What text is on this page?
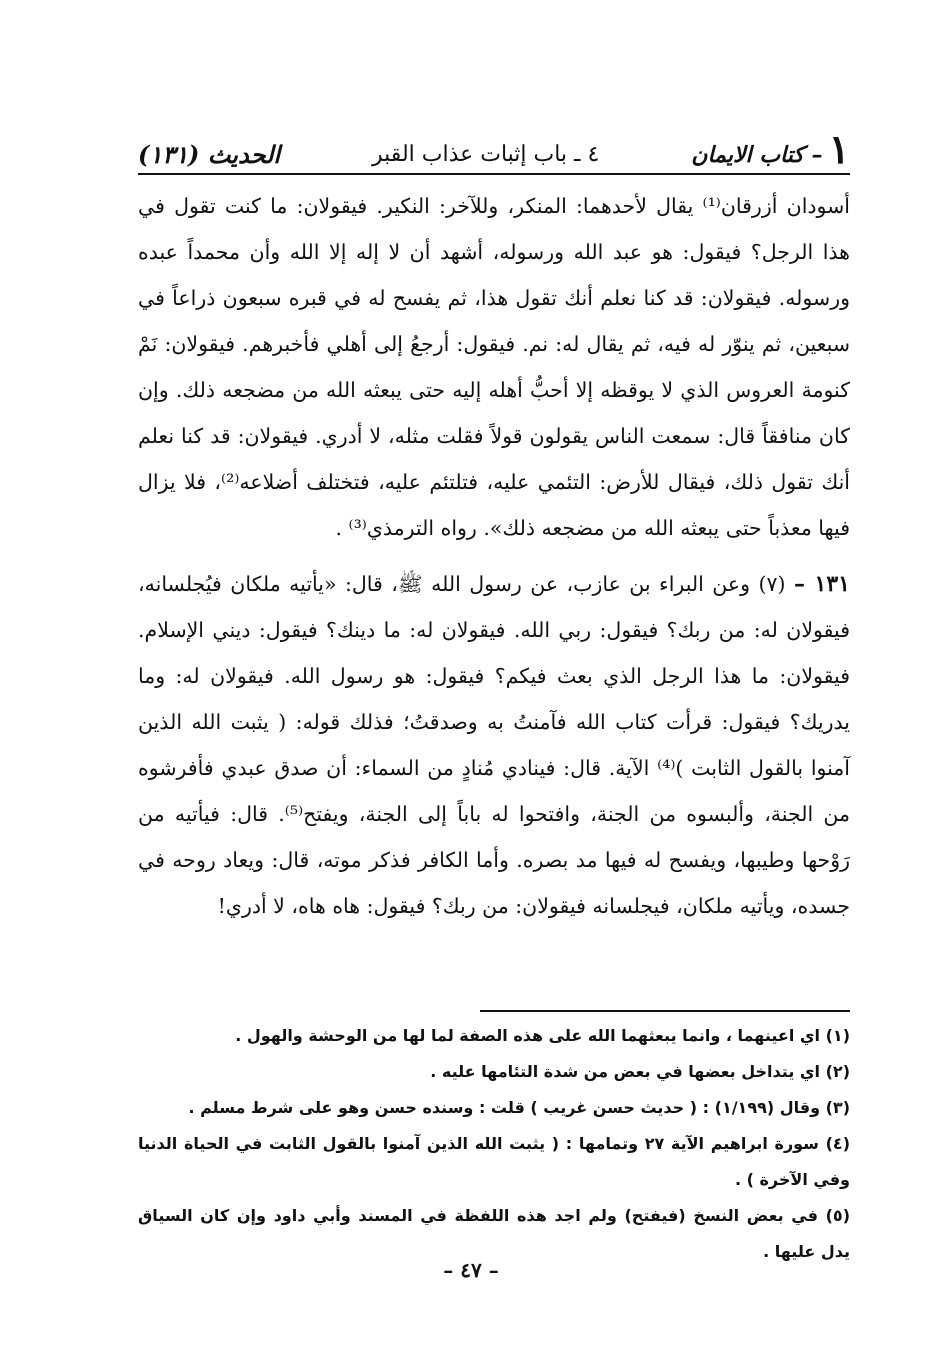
١
– كتاب الايمان
٤ ـ باب إثبات عذاب القبر
الحديث (١٣١)

أسودان أزرقان⁽¹⁾ يقال لأحدهما: المنكر، وللآخر: النكير. فيقولان: ما كنت تقول في هذا الرجل؟ فيقول: هو عبد الله ورسوله، أشهد أن لا إله إلا الله وأن محمداً عبده ورسوله. فيقولان: قد كنا نعلم أنك تقول هذا، ثم يفسح له في قبره سبعون ذراعاً في سبعين، ثم ينوّر له فيه، ثم يقال له: نم. فيقول: أرجعُ إلى أهلي فأخبرهم. فيقولان: نَمْ كنومة العروس الذي لا يوقظه إلا أحبُّ أهله إليه حتى يبعثه الله من مضجعه ذلك. وإن كان منافقاً قال: سمعت الناس يقولون قولاً فقلت مثله، لا أدري. فيقولان: قد كنا نعلم أنك تقول ذلك، فيقال للأرض: التئمي عليه، فتلتئم عليه، فتختلف أضلاعه⁽²⁾، فلا يزال فيها معذباً حتى يبعثه الله من مضجعه ذلك». رواه الترمذي⁽³⁾ .

١٣١ – (٧) وعن البراء بن عازب، عن رسول الله ﷺ، قال: «يأتيه ملكان فيُجلسانه، فيقولان له: من ربك؟ فيقول: ربي الله. فيقولان له: ما دينك؟ فيقول: ديني الإسلام. فيقولان: ما هذا الرجل الذي بعث فيكم؟ فيقول: هو رسول الله. فيقولان له: وما يدريك؟ فيقول: قرأت كتاب الله فآمنتُ به وصدقتُ؛ فذلك قوله: ( يثبت الله الذين آمنوا بالقول الثابت )⁽⁴⁾ الآية. قال: فينادي مُنادٍ من السماء: أن صدق عبدي فأفرشوه من الجنة، وألبسوه من الجنة، وافتحوا له باباً إلى الجنة، ويفتح⁽⁵⁾. قال: فيأتيه من رَوْحها وطيبها، ويفسح له فيها مد بصره. وأما الكافر فذكر موته، قال: ويعاد روحه في جسده، ويأتيه ملكان، فيجلسانه فيقولان: من ربك؟ فيقول: هاه هاه، لا أدري!

(١) اي اعينهما ، وانما يبعثهما الله على هذه الصفة لما لها من الوحشة والهول .

(٢) اي يتداخل بعضها في بعض من شدة التئامها عليه .

(٣) وقال (١/١٩٩) : ( حديث حسن غريب ) قلت : وسنده حسن وهو على شرط مسلم .

(٤) سورة ابراهيم الآية ٢٧ وتمامها : ( يثبت الله الذين آمنوا بالقول الثابت في الحياة الدنيا وفي الآخرة ) .

(٥) في بعض النسخ (فيفتح) ولم اجد هذه اللفظة في المسند وأبي داود وإن كان السياق يدل عليها .

– ٤٧ –
